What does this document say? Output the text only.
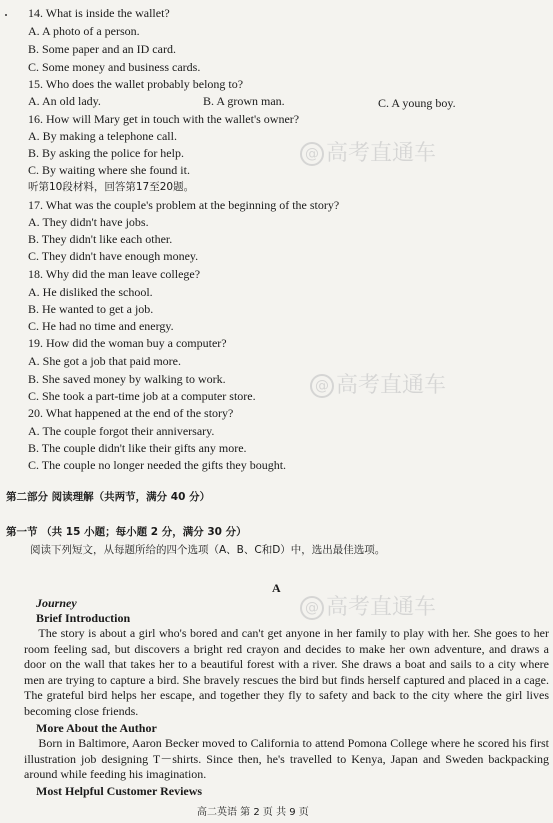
14. What is inside the wallet?
A. A photo of a person.
B. Some paper and an ID card.
C. Some money and business cards.
15. Who does the wallet probably belong to?
A. An old lady.	B. A grown man.	C. A young boy.
16. How will Mary get in touch with the wallet's owner?
A. By making a telephone call.
B. By asking the police for help.
C. By waiting where she found it.
听第10段材料，回答第17至20题。
17. What was the couple's problem at the beginning of the story?
A. They didn't have jobs.
B. They didn't like each other.
C. They didn't have enough money.
18. Why did the man leave college?
A. He disliked the school.
B. He wanted to get a job.
C. He had no time and energy.
19. How did the woman buy a computer?
A. She got a job that paid more.
B. She saved money by walking to work.
C. She took a part-time job at a computer store.
20. What happened at the end of the story?
A. The couple forgot their anniversary.
B. The couple didn't like their gifts any more.
C. The couple no longer needed the gifts they bought.
第二部分 阅读理解（共两节，满分 40 分）
第一节 （共 15 小题；每小题 2 分，满分 30 分）
阅读下列短文，从每题所给的四个选项（A、B、C和D）中，选出最佳选项。
A
Journey
Brief Introduction

The story is about a girl who's bored and can't get anyone in her family to play with her. She goes to her room feeling sad, but discovers a bright red crayon and decides to make her own adventure, and draws a door on the wall that takes her to a beautiful forest with a river. She draws a boat and sails to a city where men are trying to capture a bird. She bravely rescues the bird but finds herself captured and placed in a cage. The grateful bird helps her escape, and together they fly to safety and back to the city where the girl lives becoming close friends.

More About the Author

Born in Baltimore, Aaron Becker moved to California to attend Pomona College where he scored his first illustration job designing T－shirts. Since then, he's travelled to Kenya, Japan and Sweden backpacking around while feeding his imagination.

Most Helpful Customer Reviews
高二英语 第 2 页 共 9 页
@ 高考直通车
@ 高考直通车
@ 高考直通车
